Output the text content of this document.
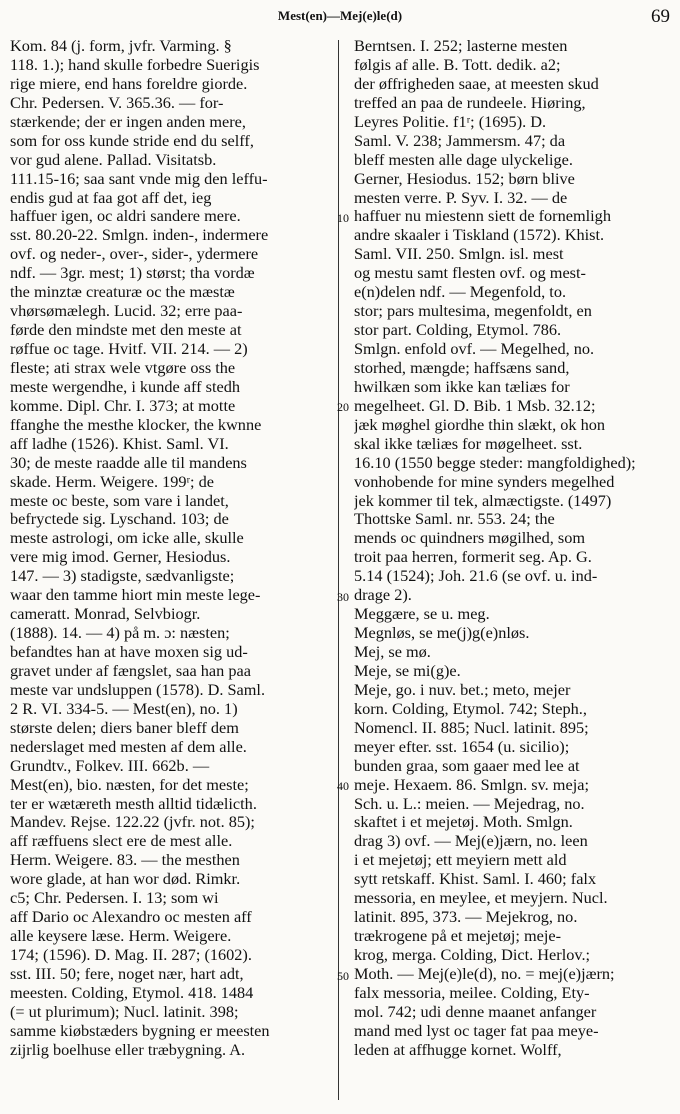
Mest(en)—Mej(e)le(d)	69
Kom. 84 (j. form, jvfr. Varming. §
118. 1.); hand skulle forbedre Suerigis
rige miere, end hans foreldre giorde.
Chr. Pedersen. V. 365.36. — for-
stærkende; der er ingen anden mere,
som for oss kunde stride end du selff,
vor gud alene. Pallad. Visitatsb.
111.15-16; saa sant vnde mig den leffu-
endis gud at faa got aff det, ieg
haffuer igen, oc aldri sandere mere.
sst. 80.20-22. Smlgn. inden-, indermere
ovf. og neder-, over-, sider-, ydermere
ndf. — 3gr. mest; 1) størst; tha vordæ
the minztæ creaturæ oc the mæstæ
vhørsømælegh. Lucid. 32; erre paa-
førde den mindste met den meste at
røffue oc tage. Hvitf. VII. 214. — 2)
fleste; ati strax wele vtgøre oss the
meste wergendhe, i kunde aff stedh
komme. Dipl. Chr. I. 373; at motte
ffanghe the mesthe klocker, the kwnne
aff ladhe (1526). Khist. Saml. VI.
30; de meste raadde alle til mandens
skade. Herm. Weigere. 199ʳ; de
meste oc beste, som vare i landet,
befryctede sig. Lyschand. 103; de
meste astrologi, om icke alle, skulle
vere mig imod. Gerner, Hesiodus.
147. — 3) stadigste, sædvanligste;
waar den tamme hiort min meste lege-
cameratt. Monrad, Selvbiogr.
(1888). 14. — 4) på m. ɔ: næsten;
befandtes han at have moxen sig ud-
gravet under af fængslet, saa han paa
meste var undsluppen (1578). D. Saml.
2 R. VI. 334-5. — Mest(en), no. 1)
største delen; diers baner bleff dem
nederslaget med mesten af dem alle.
Grundtv., Folkev. III. 662b. —
Mest(en), bio. næsten, for det meste;
ter er wætæreth mesth alltid tidælicth.
Mandev. Rejse. 122.22 (jvfr. not. 85);
aff ræffuens slect ere de mest alle.
Herm. Weigere. 83. — the mesthen
wore glade, at han wor død. Rimkr.
c5; Chr. Pedersen. I. 13; som wi
aff Dario oc Alexandro oc mesten aff
alle keysere læse. Herm. Weigere.
174; (1596). D. Mag. II. 287; (1602).
sst. III. 50; fere, noget nær, hart adt,
meesten. Colding, Etymol. 418. 1484
(= ut plurimum); Nucl. latinit. 398;
samme kiøbstæders bygning er meesten
zijrlig boelhuse eller træbygning. A.
10
20
30
40
50
Berntsen. I. 252; lasterne mesten
følgis af alle. B. Tott. dedik. a2;
der øffrigheden saae, at meesten skud
treffed an paa de rundeele. Hiøring,
Leyres Politie. f1ʳ; (1695). D.
Saml. V. 238; Jammersm. 47; da
bleff mesten alle dage ulyckelige.
Gerner, Hesiodus. 152; børn blive
mesten verre. P. Syv. I. 32. — de
haffuer nu miestenn siett de fornemligh
andre skaaler i Tiskland (1572). Khist.
Saml. VII. 250. Smlgn. isl. mest
og mestu samt flesten ovf. og mest-
e(n)delen ndf. — Megenfold, to.
stor; pars multesima, megenfoldt, en
stor part. Colding, Etymol. 786.
Smlgn. enfold ovf. — Megelhed, no.
storhed, mængde; haffsæns sand,
hwilkæn som ikke kan tæliæs for
megelheet. Gl. D. Bib. 1 Msb. 32.12;
jæk møghel giordhe thin slækt, ok hon
skal ikke tæliæs for møgelheet. sst.
16.10 (1550 begge steder: mangfoldighed);
vonhobende for mine synders megelhed
jek kommer til tek, almæctigste. (1497)
Thottske Saml. nr. 553. 24; the
mends oc quindners møgilhed, som
troit paa herren, formerit seg. Ap. G.
5.14 (1524); Joh. 21.6 (se ovf. u. ind-
drage 2).
Meggære, se u. meg.
Megnløs, se me(j)g(e)nløs.
Mej, se mø.
Meje, se mi(g)e.
Meje, go. i nuv. bet.; meto, mejer
korn. Colding, Etymol. 742; Steph.,
Nomencl. II. 885; Nucl. latinit. 895;
meyer efter. sst. 1654 (u. sicilio);
bunden graa, som gaaer med lee at
meje. Hexaem. 86. Smlgn. sv. meja;
Sch. u. L.: meien. — Mejedrag, no.
skaftet i et mejetøj. Moth. Smlgn.
drag 3) ovf. — Mej(e)jærn, no. leen
i et mejetøj; ett meyiern mett ald
sytt retskaff. Khist. Saml. I. 460; falx
messoria, en meylee, et meyjern. Nucl.
latinit. 895, 373. — Mejekrog, no.
trækrogene på et mejetøj; meje-
krog, merga. Colding, Dict. Herlov.;
Moth. — Mej(e)le(d), no. = mej(e)jærn;
falx messoria, meilee. Colding, Ety-
mol. 742; udi denne maanet anfanger
mand med lyst oc tager fat paa meye-
leden at affhugge kornet. Wolff,
